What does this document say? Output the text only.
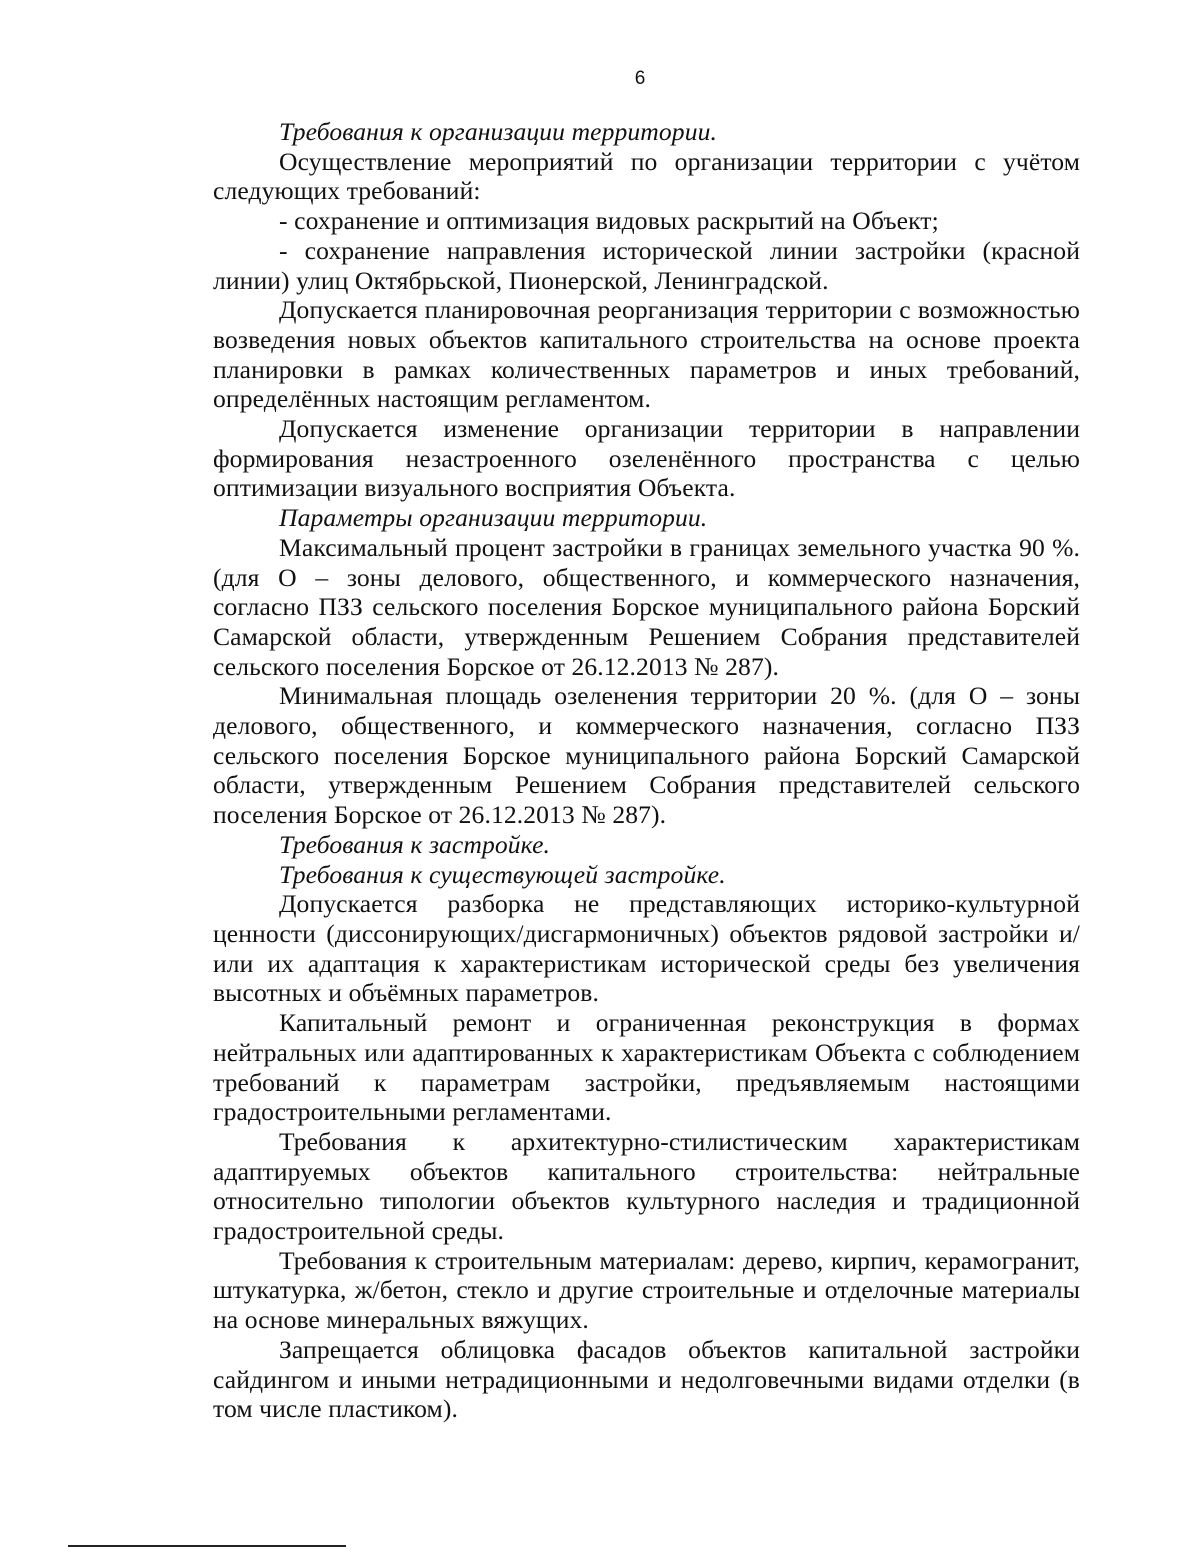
6

Требования к организации территории.

Осуществление мероприятий по организации территории с учётом следующих требований:

- сохранение и оптимизация видовых раскрытий на Объект;

- сохранение направления исторической линии застройки (красной линии) улиц Октябрьской, Пионерской, Ленинградской.

Допускается планировочная реорганизация территории с возможностью возведения новых объектов капитального строительства на основе проекта планировки в рамках количественных параметров и иных требований, определённых настоящим регламентом.

Допускается изменение организации территории в направлении формирования незастроенного озеленённого пространства с целью оптимизации визуального восприятия Объекта.

Параметры организации территории.

Максимальный процент застройки в границах земельного участка 90 %. (для О – зоны делового, общественного, и коммерческого назначения, согласно ПЗЗ сельского поселения Борское муниципального района Борский Самарской области, утвержденным Решением Собрания представителей сельского поселения Борское от 26.12.2013 № 287).

Минимальная площадь озеленения территории 20 %. (для О – зоны делового, общественного, и коммерческого назначения, согласно ПЗЗ сельского поселения Борское муниципального района Борский Самарской области, утвержденным Решением Собрания представителей сельского поселения Борское от 26.12.2013 № 287).

Требования к застройке.

Требования к существующей застройке.

Допускается разборка не представляющих историко-культурной ценности (диссонирующих/дисгармоничных) объектов рядовой застройки и/или их адаптация к характеристикам исторической среды без увеличения высотных и объёмных параметров.

Капитальный ремонт и ограниченная реконструкция в формах нейтральных или адаптированных к характеристикам Объекта с соблюдением требований к параметрам застройки, предъявляемым настоящими градостроительными регламентами.

Требования к архитектурно-стилистическим характеристикам адаптируемых объектов капитального строительства: нейтральные относительно типологии объектов культурного наследия и традиционной градостроительной среды.

Требования к строительным материалам: дерево, кирпич, керамогранит, штукатурка, ж/бетон, стекло и другие строительные и отделочные материалы на основе минеральных вяжущих.

Запрещается облицовка фасадов объектов капитальной застройки сайдингом и иными нетрадиционными и недолговечными видами отделки (в том числе пластиком).
